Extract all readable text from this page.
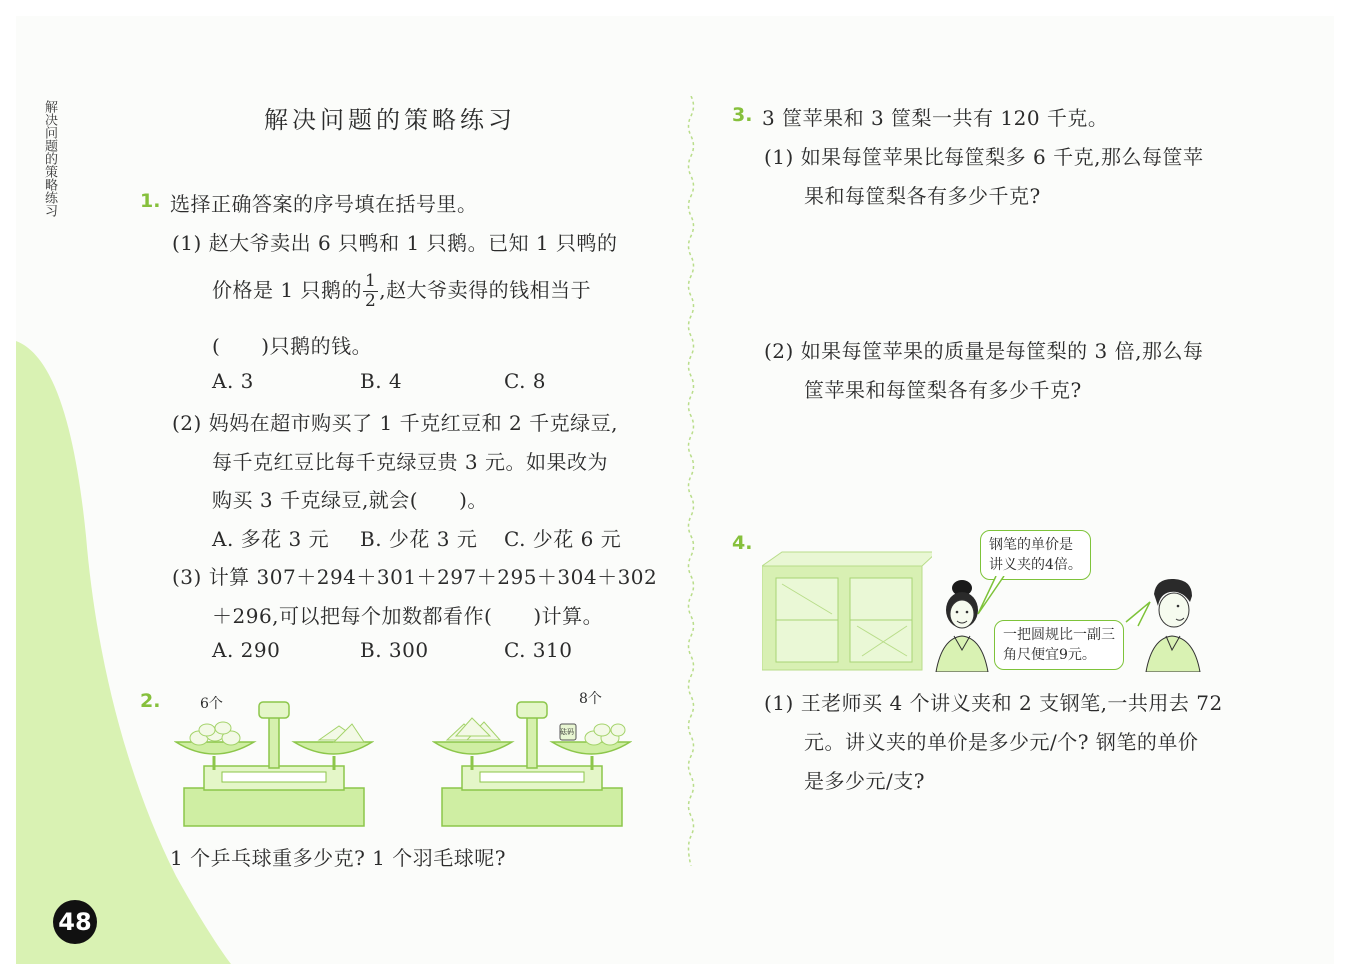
解决问题的策略练习	解决问题的策略练习
1. 选择正确答案的序号填在括号里。
(1) 赵大爷卖出 6 只鸭和 1 只鹅。已知 1 只鸭的
价格是 1 只鹅的 $\frac{1}{2}$ ,赵大爷卖得的钱相当于
(　　)只鹅的钱。
A. 3	B. 4	C. 8
(2) 妈妈在超市购买了 1 千克红豆和 2 千克绿豆,
每千克红豆比每千克绿豆贵 3 元。如果改为
购买 3 千克绿豆,就会(　　)。
A. 多花 3 元 B. 少花 3 元 C. 少花 6 元
(3) 计算 307＋294＋301＋297＋295＋304＋302
＋296,可以把每个加数都看作(　　)计算。
A. 290	B. 300	C. 310
2.	6个	8个
砝码
1 个乒乓球重多少克? 1 个羽毛球呢?
3. 3 筐苹果和 3 筐梨一共有 120 千克。
(1) 如果每筐苹果比每筐梨多 6 千克,那么每筐苹
果和每筐梨各有多少千克?
(2) 如果每筐苹果的质量是每筐梨的 3 倍,那么每
筐苹果和每筐梨各有多少千克?
4.	钢笔的单价是
讲义夹的4倍。
一把圆规比一副三
角尺便宜9元。
(1) 王老师买 4 个讲义夹和 2 支钢笔,一共用去 72
元。讲义夹的单价是多少元/个? 钢笔的单价
是多少元/支?
48
